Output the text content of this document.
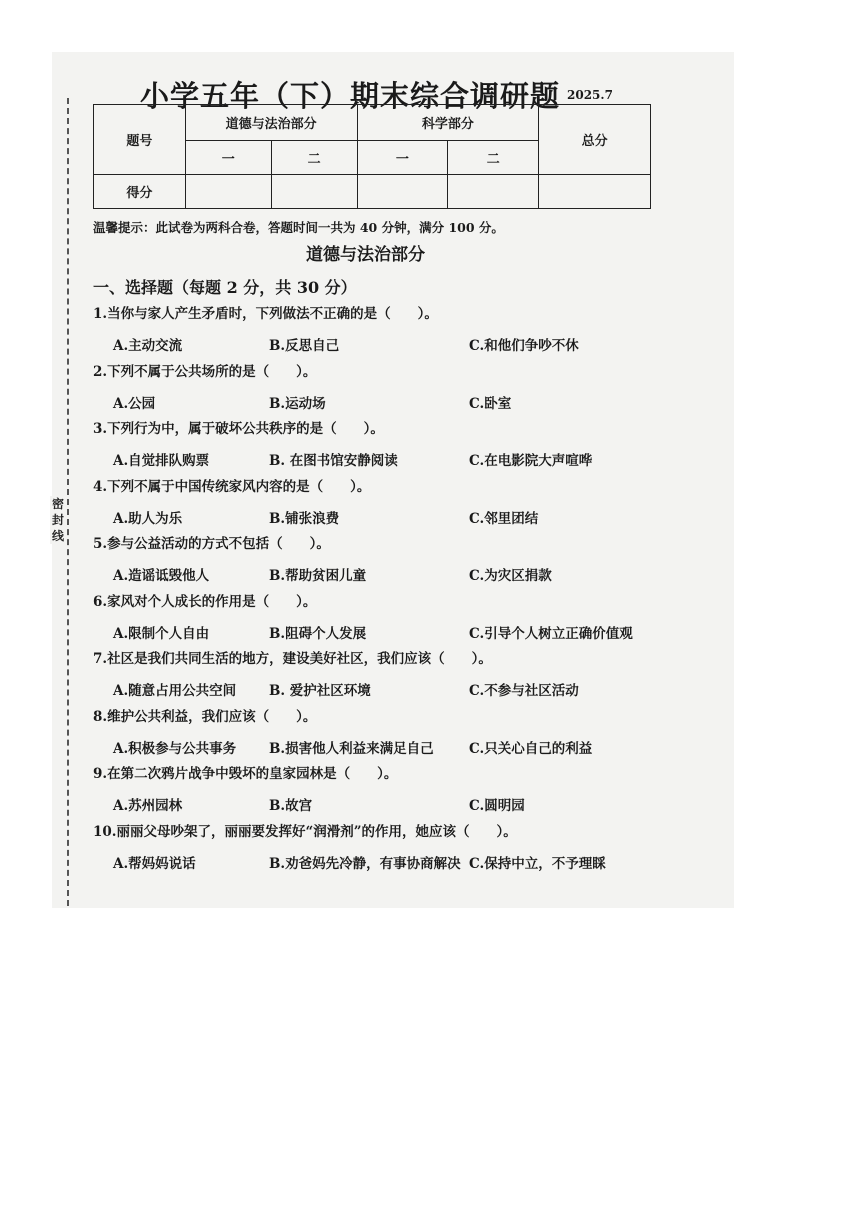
密封线
小学五年（下）期末综合调研题 2025.7
题号	道德与法治部分		科学部分		总分
	一	二	一	二	
得分					
温馨提示：此试卷为两科合卷，答题时间一共为 40 分钟，满分 100 分。
道德与法治部分
一、选择题（每题 2 分，共 30 分）
1.当你与家人产生矛盾时，下列做法不正确的是（　　）。
A.主动交流	B.反思自己	C.和他们争吵不休
2.下列不属于公共场所的是（　　）。
A.公园	B.运动场	C.卧室
3.下列行为中，属于破坏公共秩序的是（　　）。
A.自觉排队购票	B. 在图书馆安静阅读	C.在电影院大声喧哗
4.下列不属于中国传统家风内容的是（　　）。
A.助人为乐	B.铺张浪费	C.邻里团结
5.参与公益活动的方式不包括（　　）。
A.造谣诋毁他人	B.帮助贫困儿童	C.为灾区捐款
6.家风对个人成长的作用是（　　）。
A.限制个人自由	B.阻碍个人发展	C.引导个人树立正确价值观
7.社区是我们共同生活的地方，建设美好社区，我们应该（　　）。
A.随意占用公共空间 B. 爱护社区环境	C.不参与社区活动
8.维护公共利益，我们应该（　　）。
A.积极参与公共事务 B.损害他人利益来满足自己	C.只关心自己的利益
9.在第二次鸦片战争中毁坏的皇家园林是（　　）。
A.苏州园林	B.故宫	C.圆明园
10.丽丽父母吵架了，丽丽要发挥好“润滑剂”的作用，她应该（　　）。
A.帮妈妈说话	B.劝爸妈先冷静，有事协商解决 C.保持中立，不予理睬
